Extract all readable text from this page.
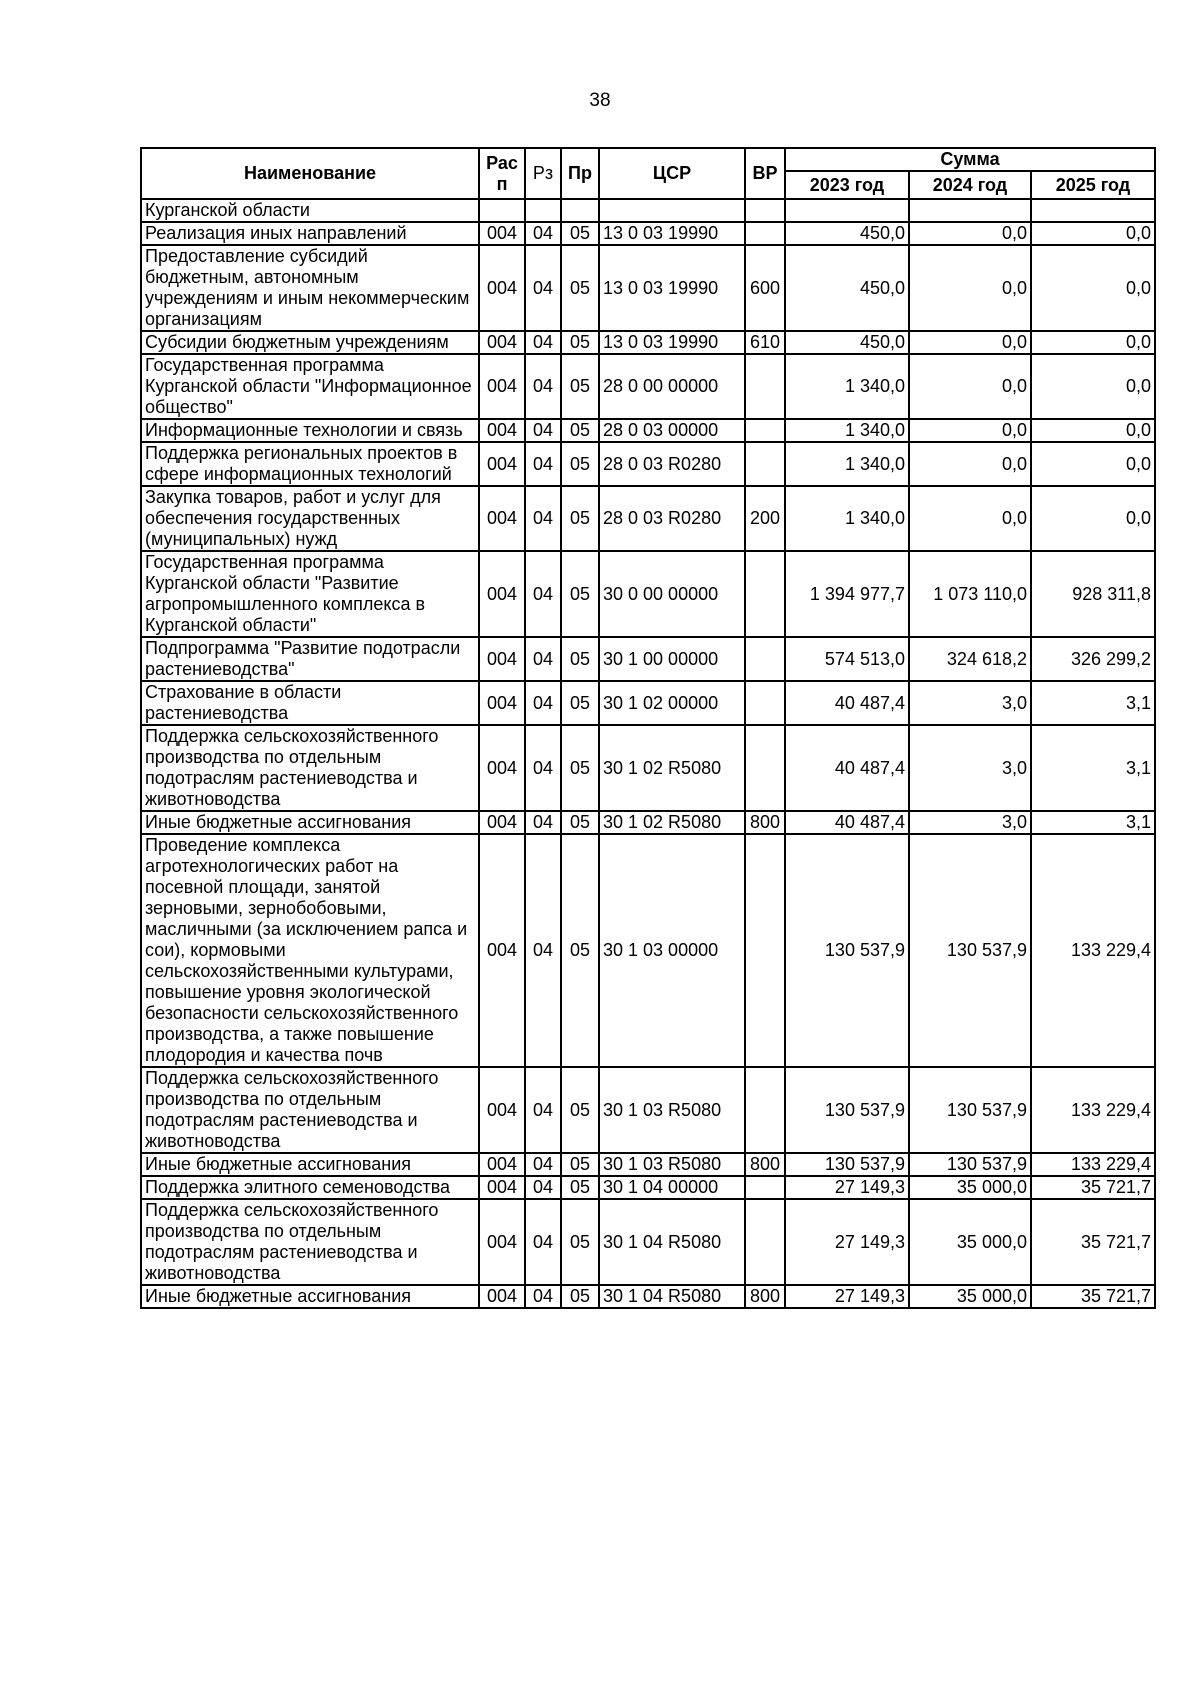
38
Наименование	Рас п	Рз	Пр	ЦСР	ВР	Сумма		
						2023 год	2024 год	2025 год
Курганской области								
Реализация иных направлений	004	04	05	13 0 03 19990		450,0	0,0	0,0
Предоставление субсидий бюджетным, автономным учреждениям и иным некоммерческим организациям	004	04	05	13 0 03 19990	600	450,0	0,0	0,0
Субсидии бюджетным учреждениям	004	04	05	13 0 03 19990	610	450,0	0,0	0,0
Государственная программа Курганской области "Информационное общество"	004	04	05	28 0 00 00000		1 340,0	0,0	0,0
Информационные технологии и связь	004	04	05	28 0 03 00000		1 340,0	0,0	0,0
Поддержка региональных проектов в сфере информационных технологий	004	04	05	28 0 03 R0280		1 340,0	0,0	0,0
Закупка товаров, работ и услуг для обеспечения государственных (муниципальных) нужд	004	04	05	28 0 03 R0280	200	1 340,0	0,0	0,0
Государственная программа Курганской области "Развитие агропромышленного комплекса в Курганской области"	004	04	05	30 0 00 00000		1 394 977,7	1 073 110,0	928 311,8
Подпрограмма "Развитие подотрасли растениеводства"	004	04	05	30 1 00 00000		574 513,0	324 618,2	326 299,2
Страхование в области растениеводства	004	04	05	30 1 02 00000		40 487,4	3,0	3,1
Поддержка сельскохозяйственного производства по отдельным подотраслям растениеводства и животноводства	004	04	05	30 1 02 R5080		40 487,4	3,0	3,1
Иные бюджетные ассигнования	004	04	05	30 1 02 R5080	800	40 487,4	3,0	3,1
Проведение комплекса агротехнологических работ на посевной площади, занятой зерновыми, зернобобовыми, масличными (за исключением рапса и сои), кормовыми сельскохозяйственными культурами, повышение уровня экологической безопасности сельскохозяйственного производства, а также повышение плодородия и качества почв	004	04	05	30 1 03 00000		130 537,9	130 537,9	133 229,4
Поддержка сельскохозяйственного производства по отдельным подотраслям растениеводства и животноводства	004	04	05	30 1 03 R5080		130 537,9	130 537,9	133 229,4
Иные бюджетные ассигнования	004	04	05	30 1 03 R5080	800	130 537,9	130 537,9	133 229,4
Поддержка элитного семеноводства	004	04	05	30 1 04 00000		27 149,3	35 000,0	35 721,7
Поддержка сельскохозяйственного производства по отдельным подотраслям растениеводства и животноводства	004	04	05	30 1 04 R5080		27 149,3	35 000,0	35 721,7
Иные бюджетные ассигнования	004	04	05	30 1 04 R5080	800	27 149,3	35 000,0	35 721,7
